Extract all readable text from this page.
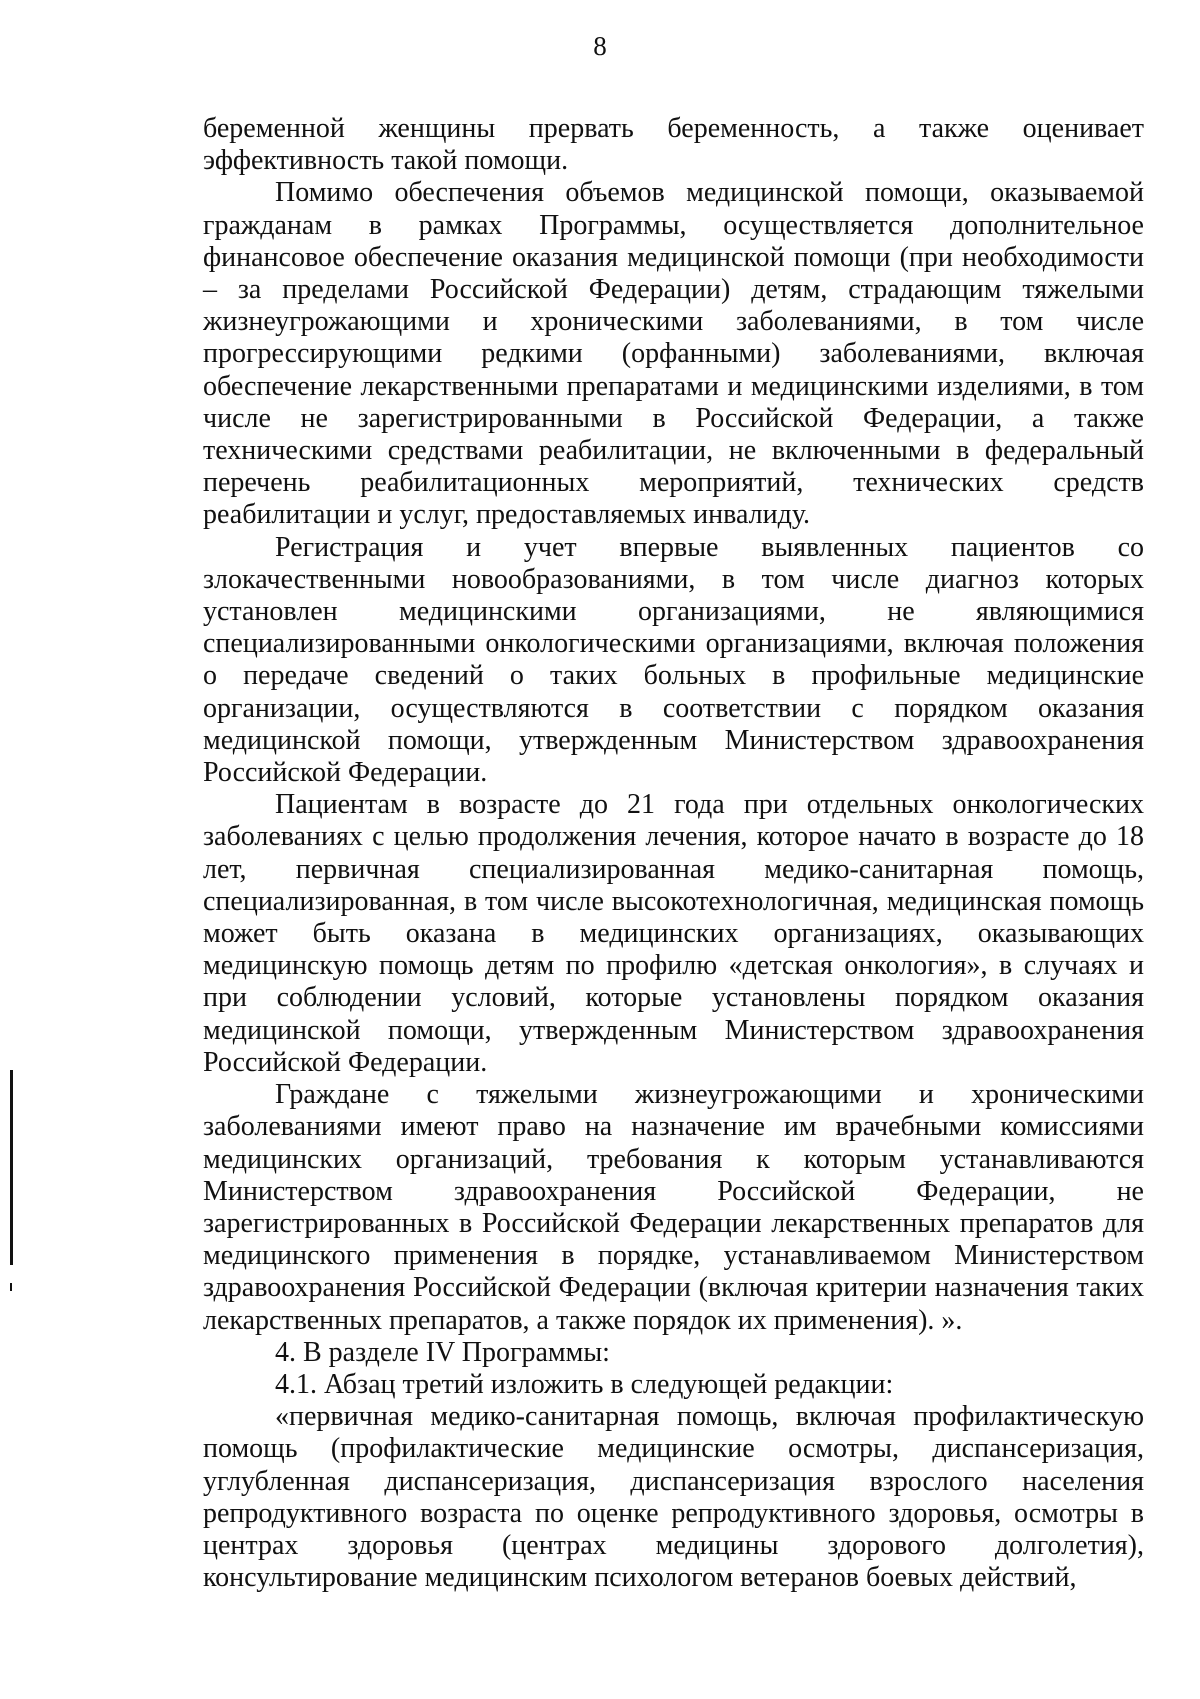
8

беременной женщины прервать беременность, а также оценивает эффективность такой помощи.

Помимо обеспечения объемов медицинской помощи, оказываемой гражданам в рамках Программы, осуществляется дополнительное финансовое обеспечение оказания медицинской помощи (при необходимости – за пределами Российской Федерации) детям, страдающим тяжелыми жизнеугрожающими и хроническими заболеваниями, в том числе прогрессирующими редкими (орфанными) заболеваниями, включая обеспечение лекарственными препаратами и медицинскими изделиями, в том числе не зарегистрированными в Российской Федерации, а также техническими средствами реабилитации, не включенными в федеральный перечень реабилитационных мероприятий, технических средств реабилитации и услуг, предоставляемых инвалиду.

Регистрация и учет впервые выявленных пациентов со злокачественными новообразованиями, в том числе диагноз которых установлен медицинскими организациями, не являющимися специализированными онкологическими организациями, включая положения о передаче сведений о таких больных в профильные медицинские организации, осуществляются в соответствии с порядком оказания медицинской помощи, утвержденным Министерством здравоохранения Российской Федерации.

Пациентам в возрасте до 21 года при отдельных онкологических заболеваниях с целью продолжения лечения, которое начато в возрасте до 18 лет, первичная специализированная медико-санитарная помощь, специализированная, в том числе высокотехнологичная, медицинская помощь может быть оказана в медицинских организациях, оказывающих медицинскую помощь детям по профилю «детская онкология», в случаях и при соблюдении условий, которые установлены порядком оказания медицинской помощи, утвержденным Министерством здравоохранения Российской Федерации.

Граждане с тяжелыми жизнеугрожающими и хроническими заболеваниями имеют право на назначение им врачебными комиссиями медицинских организаций, требования к которым устанавливаются Министерством здравоохранения Российской Федерации, не зарегистрированных в Российской Федерации лекарственных препаратов для медицинского применения в порядке, устанавливаемом Министерством здравоохранения Российской Федерации (включая критерии назначения таких лекарственных препаратов, а также порядок их применения). ».

4. В разделе IV Программы:

4.1. Абзац третий изложить в следующей редакции:

«первичная медико-санитарная помощь, включая профилактическую помощь (профилактические медицинские осмотры, диспансеризация, углубленная диспансеризация, диспансеризация взрослого населения репродуктивного возраста по оценке репродуктивного здоровья, осмотры в центрах здоровья (центрах медицины здорового долголетия), консультирование медицинским психологом ветеранов боевых действий,
